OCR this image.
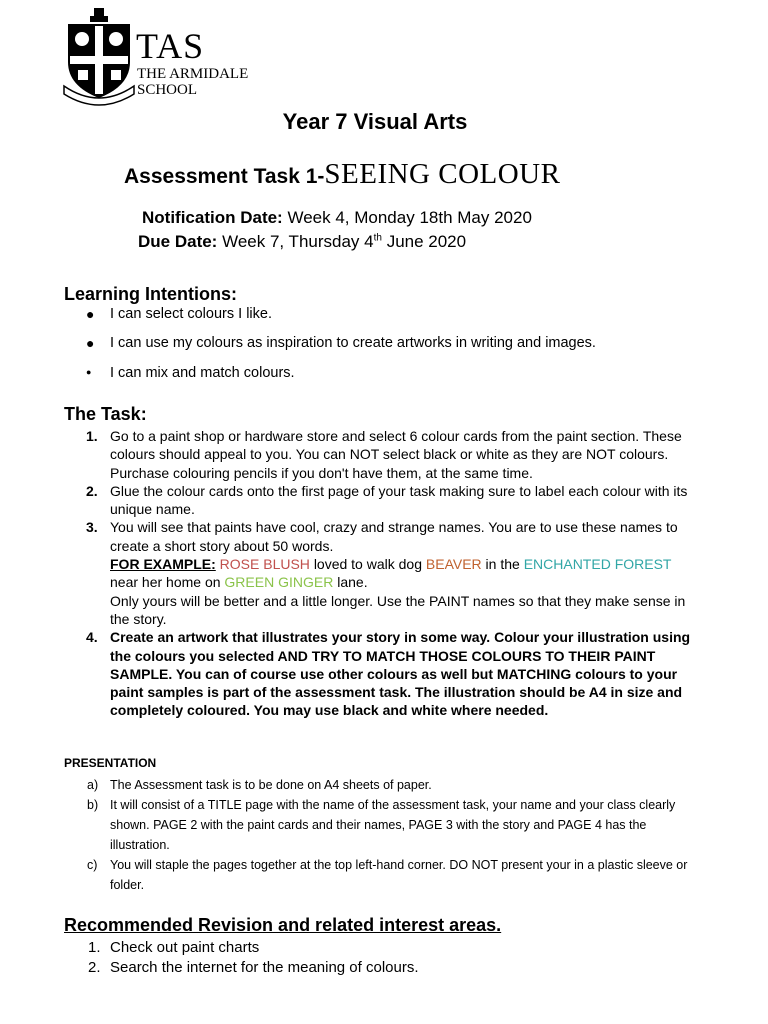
TAS
THE ARMIDALE
SCHOOL
Year 7 Visual Arts
Assessment Task 1-SEEING COLOUR
Notification Date: Week 4, Monday 18th May 2020
Due Date: Week 7, Thursday 4th June 2020
Learning Intentions:
● I can select colours I like.
● I can use my colours as inspiration to create artworks in writing and images.
● I can mix and match colours.
The Task:

1. Go to a paint shop or hardware store and select 6 colour cards from the paint section. These colours should appeal to you. You can NOT select black or white as they are NOT colours. Purchase colouring pencils if you don't have them, at the same time.

2. Glue the colour cards onto the first page of your task making sure to label each colour with its unique name.

3. You will see that paints have cool, crazy and strange names. You are to use these names to create a short story about 50 words.
FOR EXAMPLE: ROSE BLUSH loved to walk dog BEAVER in the ENCHANTED FOREST near her home on GREEN GINGER lane.
Only yours will be better and a little longer. Use the PAINT names so that they make sense in the story.

4. Create an artwork that illustrates your story in some way. Colour your illustration using the colours you selected AND TRY TO MATCH THOSE COLOURS TO THEIR PAINT SAMPLE. You can of course use other colours as well but MATCHING colours to your paint samples is part of the assessment task. The illustration should be A4 in size and completely coloured. You may use black and white where needed.

PRESENTATION

a) The Assessment task is to be done on A4 sheets of paper.

b) It will consist of a TITLE page with the name of the assessment task, your name and your class clearly shown. PAGE 2 with the paint cards and their names, PAGE 3 with the story and PAGE 4 has the illustration.

c) You will staple the pages together at the top left-hand corner. DO NOT present your in a plastic sleeve or folder.

Recommended Revision and related interest areas.

1. Check out paint charts

2. Search the internet for the meaning of colours.
